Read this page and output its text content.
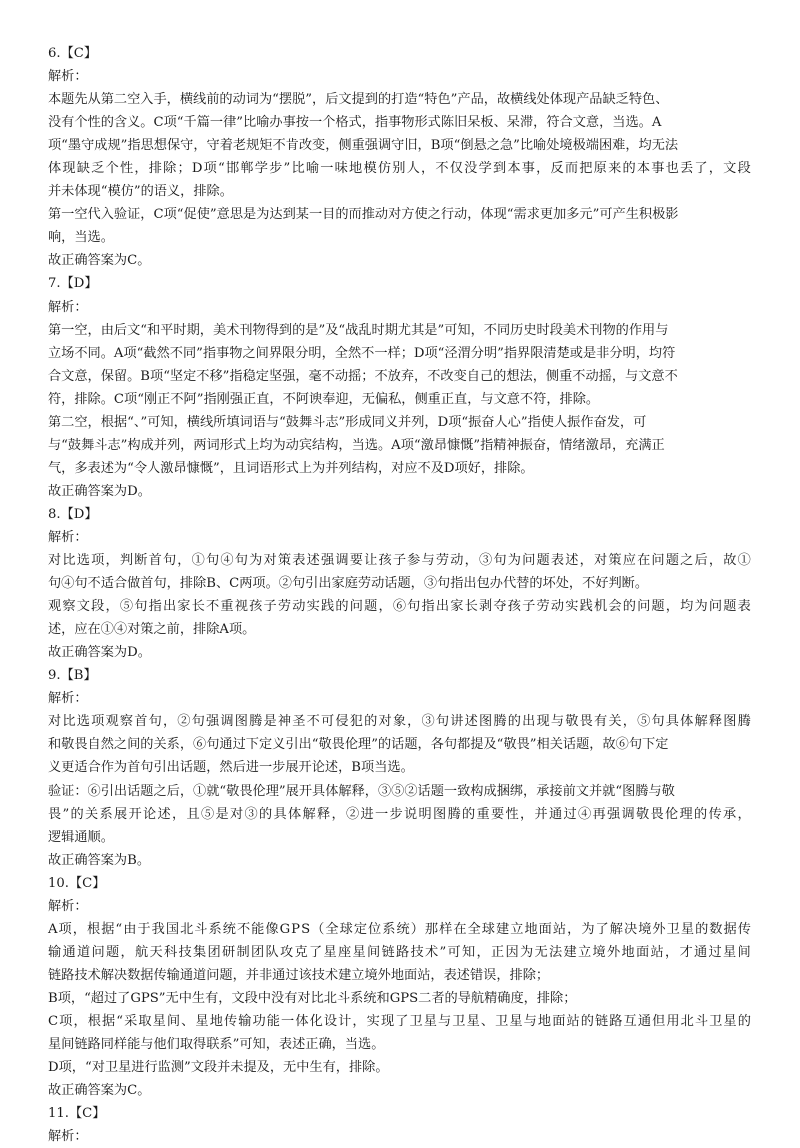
6.【C】
解析：
本题先从第二空入手，横线前的动词为“摆脱”，后文提到的打造“特色”产品，故横线处体现产品缺乏特色、
没有个性的含义。C项“千篇一律”比喻办事按一个格式，指事物形式陈旧呆板、呆滞，符合文意，当选。A
项“墨守成规”指思想保守，守着老规矩不肯改变，侧重强调守旧，B项“倒悬之急”比喻处境极端困难，均无法
体现缺乏个性，排除；D项“邯郸学步”比喻一味地模仿别人，不仅没学到本事，反而把原来的本事也丢了，文段
并未体现“模仿”的语义，排除。
第一空代入验证，C项“促使”意思是为达到某一目的而推动对方使之行动，体现“需求更加多元”可产生积极影
响，当选。
故正确答案为C。
7.【D】
解析：
第一空，由后文“和平时期，美术刊物得到的是”及“战乱时期尤其是”可知，不同历史时段美术刊物的作用与
立场不同。A项“截然不同”指事物之间界限分明，全然不一样；D项“泾渭分明”指界限清楚或是非分明，均符
合文意，保留。B项“坚定不移”指稳定坚强，毫不动摇；不放弃，不改变自己的想法，侧重不动摇，与文意不
符，排除。C项“刚正不阿”指刚强正直，不阿谀奉迎，无偏私，侧重正直，与文意不符，排除。
第二空，根据“、”可知，横线所填词语与“鼓舞斗志”形成同义并列，D项“振奋人心”指使人振作奋发，可
与“鼓舞斗志”构成并列，两词形式上均为动宾结构，当选。A项“激昂慷慨”指精神振奋，情绪激昂，充满正
气，多表述为“令人激昂慷慨”，且词语形式上为并列结构，对应不及D项好，排除。
故正确答案为D。
8.【D】
解析：
对比选项，判断首句，①句④句为对策表述强调要让孩子参与劳动，③句为问题表述，对策应在问题之后，故①
句④句不适合做首句，排除B、C两项。②句引出家庭劳动话题，③句指出包办代替的坏处，不好判断。
观察文段，⑤句指出家长不重视孩子劳动实践的问题，⑥句指出家长剥夺孩子劳动实践机会的问题，均为问题表
述，应在①④对策之前，排除A项。
故正确答案为D。
9.【B】
解析：
对比选项观察首句，②句强调图腾是神圣不可侵犯的对象，③句讲述图腾的出现与敬畏有关，⑤句具体解释图腾
和敬畏自然之间的关系，⑥句通过下定义引出“敬畏伦理”的话题，各句都提及“敬畏”相关话题，故⑥句下定
义更适合作为首句引出话题，然后进一步展开论述，B项当选。
验证：⑥引出话题之后，①就“敬畏伦理”展开具体解释，③⑤②话题一致构成捆绑，承接前文并就“图腾与敬
畏”的关系展开论述，且⑤是对③的具体解释，②进一步说明图腾的重要性，并通过④再强调敬畏伦理的传承，
逻辑通顺。
故正确答案为B。
10.【C】
解析：
A项，根据“由于我国北斗系统不能像GPS（全球定位系统）那样在全球建立地面站，为了解决境外卫星的数据传
输通道问题，航天科技集团研制团队攻克了星座星间链路技术”可知，正因为无法建立境外地面站，才通过星间
链路技术解决数据传输通道问题，并非通过该技术建立境外地面站，表述错误，排除；
B项，“超过了GPS”无中生有，文段中没有对比北斗系统和GPS二者的导航精确度，排除；
C项，根据“采取星间、星地传输功能一体化设计，实现了卫星与卫星、卫星与地面站的链路互通但用北斗卫星的
星间链路同样能与他们取得联系”可知，表述正确，当选。
D项，“对卫星进行监测”文段并未提及，无中生有，排除。
故正确答案为C。
11.【C】
解析：
